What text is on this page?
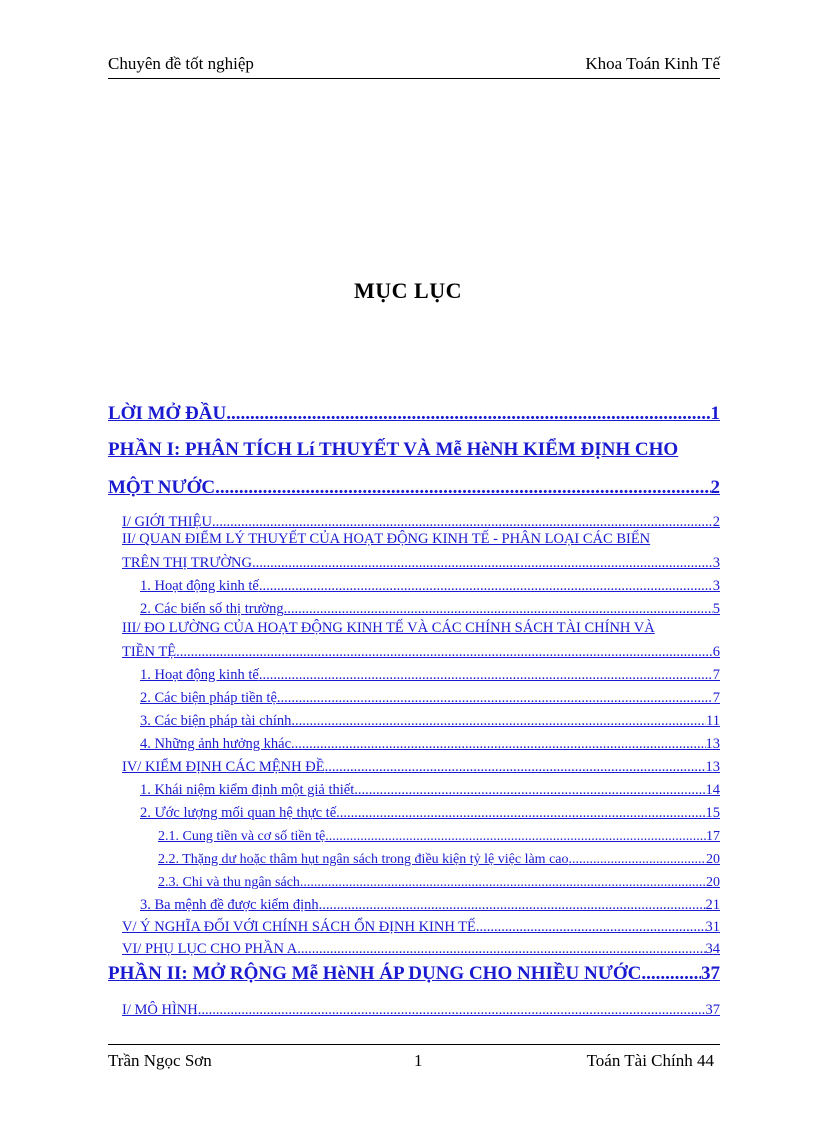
Chuyên đề tốt nghiệp	Khoa Toán Kinh Tế
MỤC LỤC
LỜI MỞ ĐẦU .....	1
PHẦN I: PHÂN TÍCH Lí THUYẾT VÀ Mễ HèNH KIỂM ĐỊNH CHO
MỘT NƯỚC .....	2
I/ GIỚI THIỆU .....	2
II/ QUAN ĐIỂM LÝ THUYẾT CỦA HOẠT ĐỘNG KINH TẾ - PHÂN LOẠI CÁC BIẾN
TRÊN THỊ TRƯỜNG .....	3
1. Hoạt động kinh tế .....	3
2. Các biến số thị trường .....	5
III/ ĐO LƯỜNG CỦA HOẠT ĐỘNG KINH TẾ VÀ CÁC CHÍNH SÁCH TÀI CHÍNH VÀ
TIỀN TỆ .....	6
1. Hoạt động kinh tế .....	7
2. Các biện pháp tiền tệ .....	7
3. Các biện pháp tài chính .....	11
4. Những ảnh hưởng khác .....	13
IV/ KIỂM ĐỊNH CÁC MỆNH ĐỀ .....	13
1. Khái niệm kiểm định một giả thiết .....	14
2. Ước lượng mối quan hệ thực tế .....	15
2.1. Cung tiền và cơ số tiền tệ .....	17
2.2. Thặng dư hoặc thâm hụt ngân sách trong điều kiện tỷ lệ việc làm cao .....	20
2.3. Chi và thu ngân sách .....	20
3. Ba mệnh đề được kiểm định .....	21
V/ Ý NGHĨA ĐỐI VỚI CHÍNH SÁCH ỔN ĐỊNH KINH TẾ .....	31
VI/ PHỤ LỤC CHO PHẦN A .....	34
PHẦN II: MỞ RỘNG Mễ HèNH ÁP DỤNG CHO NHIỀU NƯỚC .....	37
I/ MÔ HÌNH .....	37
Trần Ngọc Sơn	1	Toán Tài Chính 44
